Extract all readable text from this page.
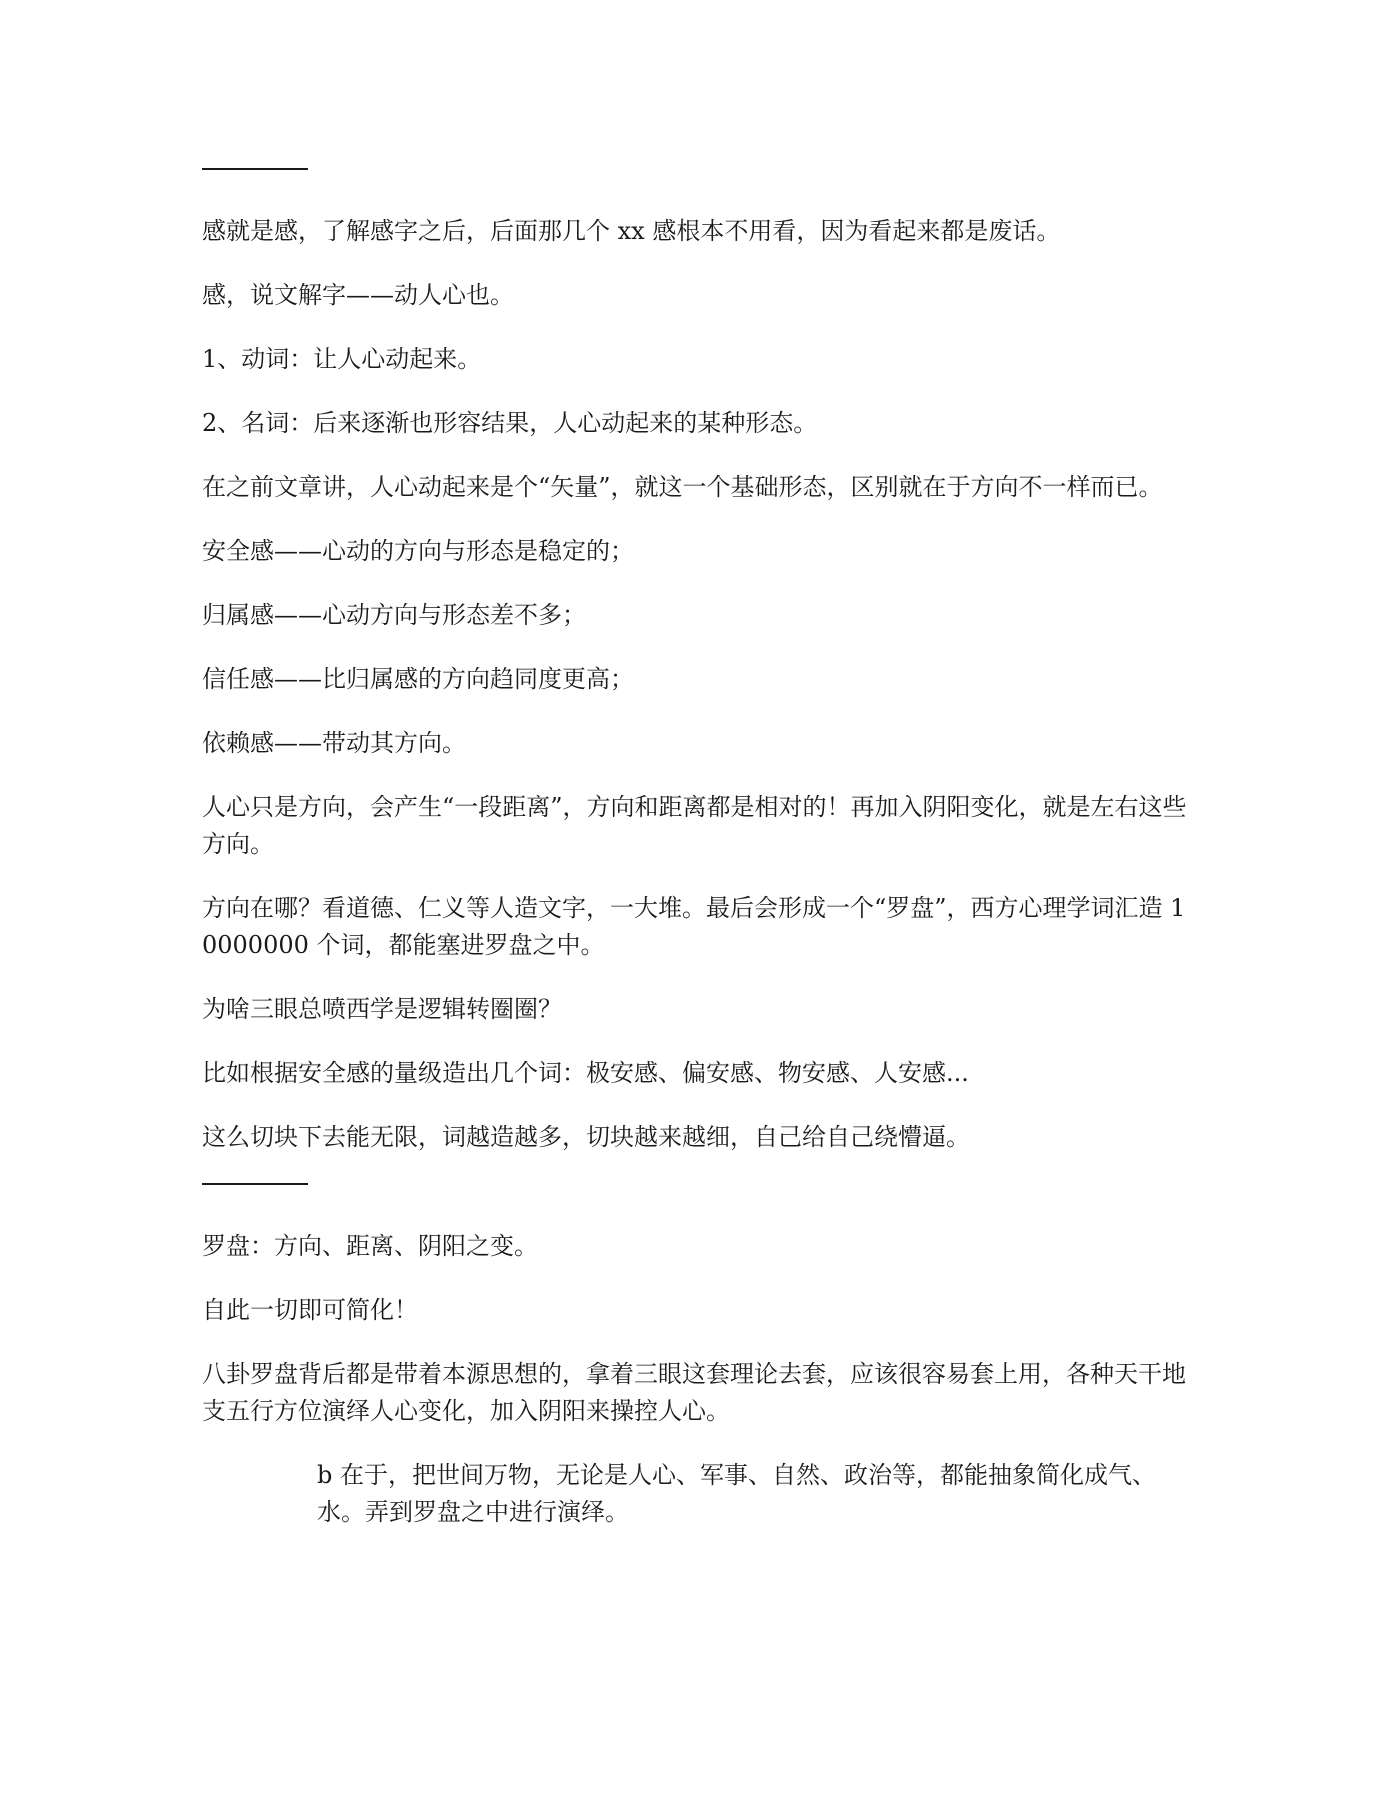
感就是感，了解感字之后，后面那几个 xx 感根本不用看，因为看起来都是废话。

感，说文解字——动人心也。

1、动词：让人心动起来。

2、名词：后来逐渐也形容结果，人心动起来的某种形态。

在之前文章讲，人心动起来是个“矢量”，就这一个基础形态，区别就在于方向不一样而已。

安全感——心动的方向与形态是稳定的；

归属感——心动方向与形态差不多；

信任感——比归属感的方向趋同度更高；

依赖感——带动其方向。

人心只是方向，会产生“一段距离”，方向和距离都是相对的！再加入阴阳变化，就是左右这些方向。

方向在哪？看道德、仁义等人造文字，一大堆。最后会形成一个“罗盘”，西方心理学词汇造 10000000 个词，都能塞进罗盘之中。

为啥三眼总喷西学是逻辑转圈圈？

比如根据安全感的量级造出几个词：极安感、偏安感、物安感、人安感...

这么切块下去能无限，词越造越多，切块越来越细，自己给自己绕懵逼。

罗盘：方向、距离、阴阳之变。

自此一切即可简化！

八卦罗盘背后都是带着本源思想的，拿着三眼这套理论去套，应该很容易套上用，各种天干地支五行方位演绎人心变化，加入阴阳来操控人心。

b 在于，把世间万物，无论是人心、军事、自然、政治等，都能抽象简化成气、水。弄到罗盘之中进行演绎。
